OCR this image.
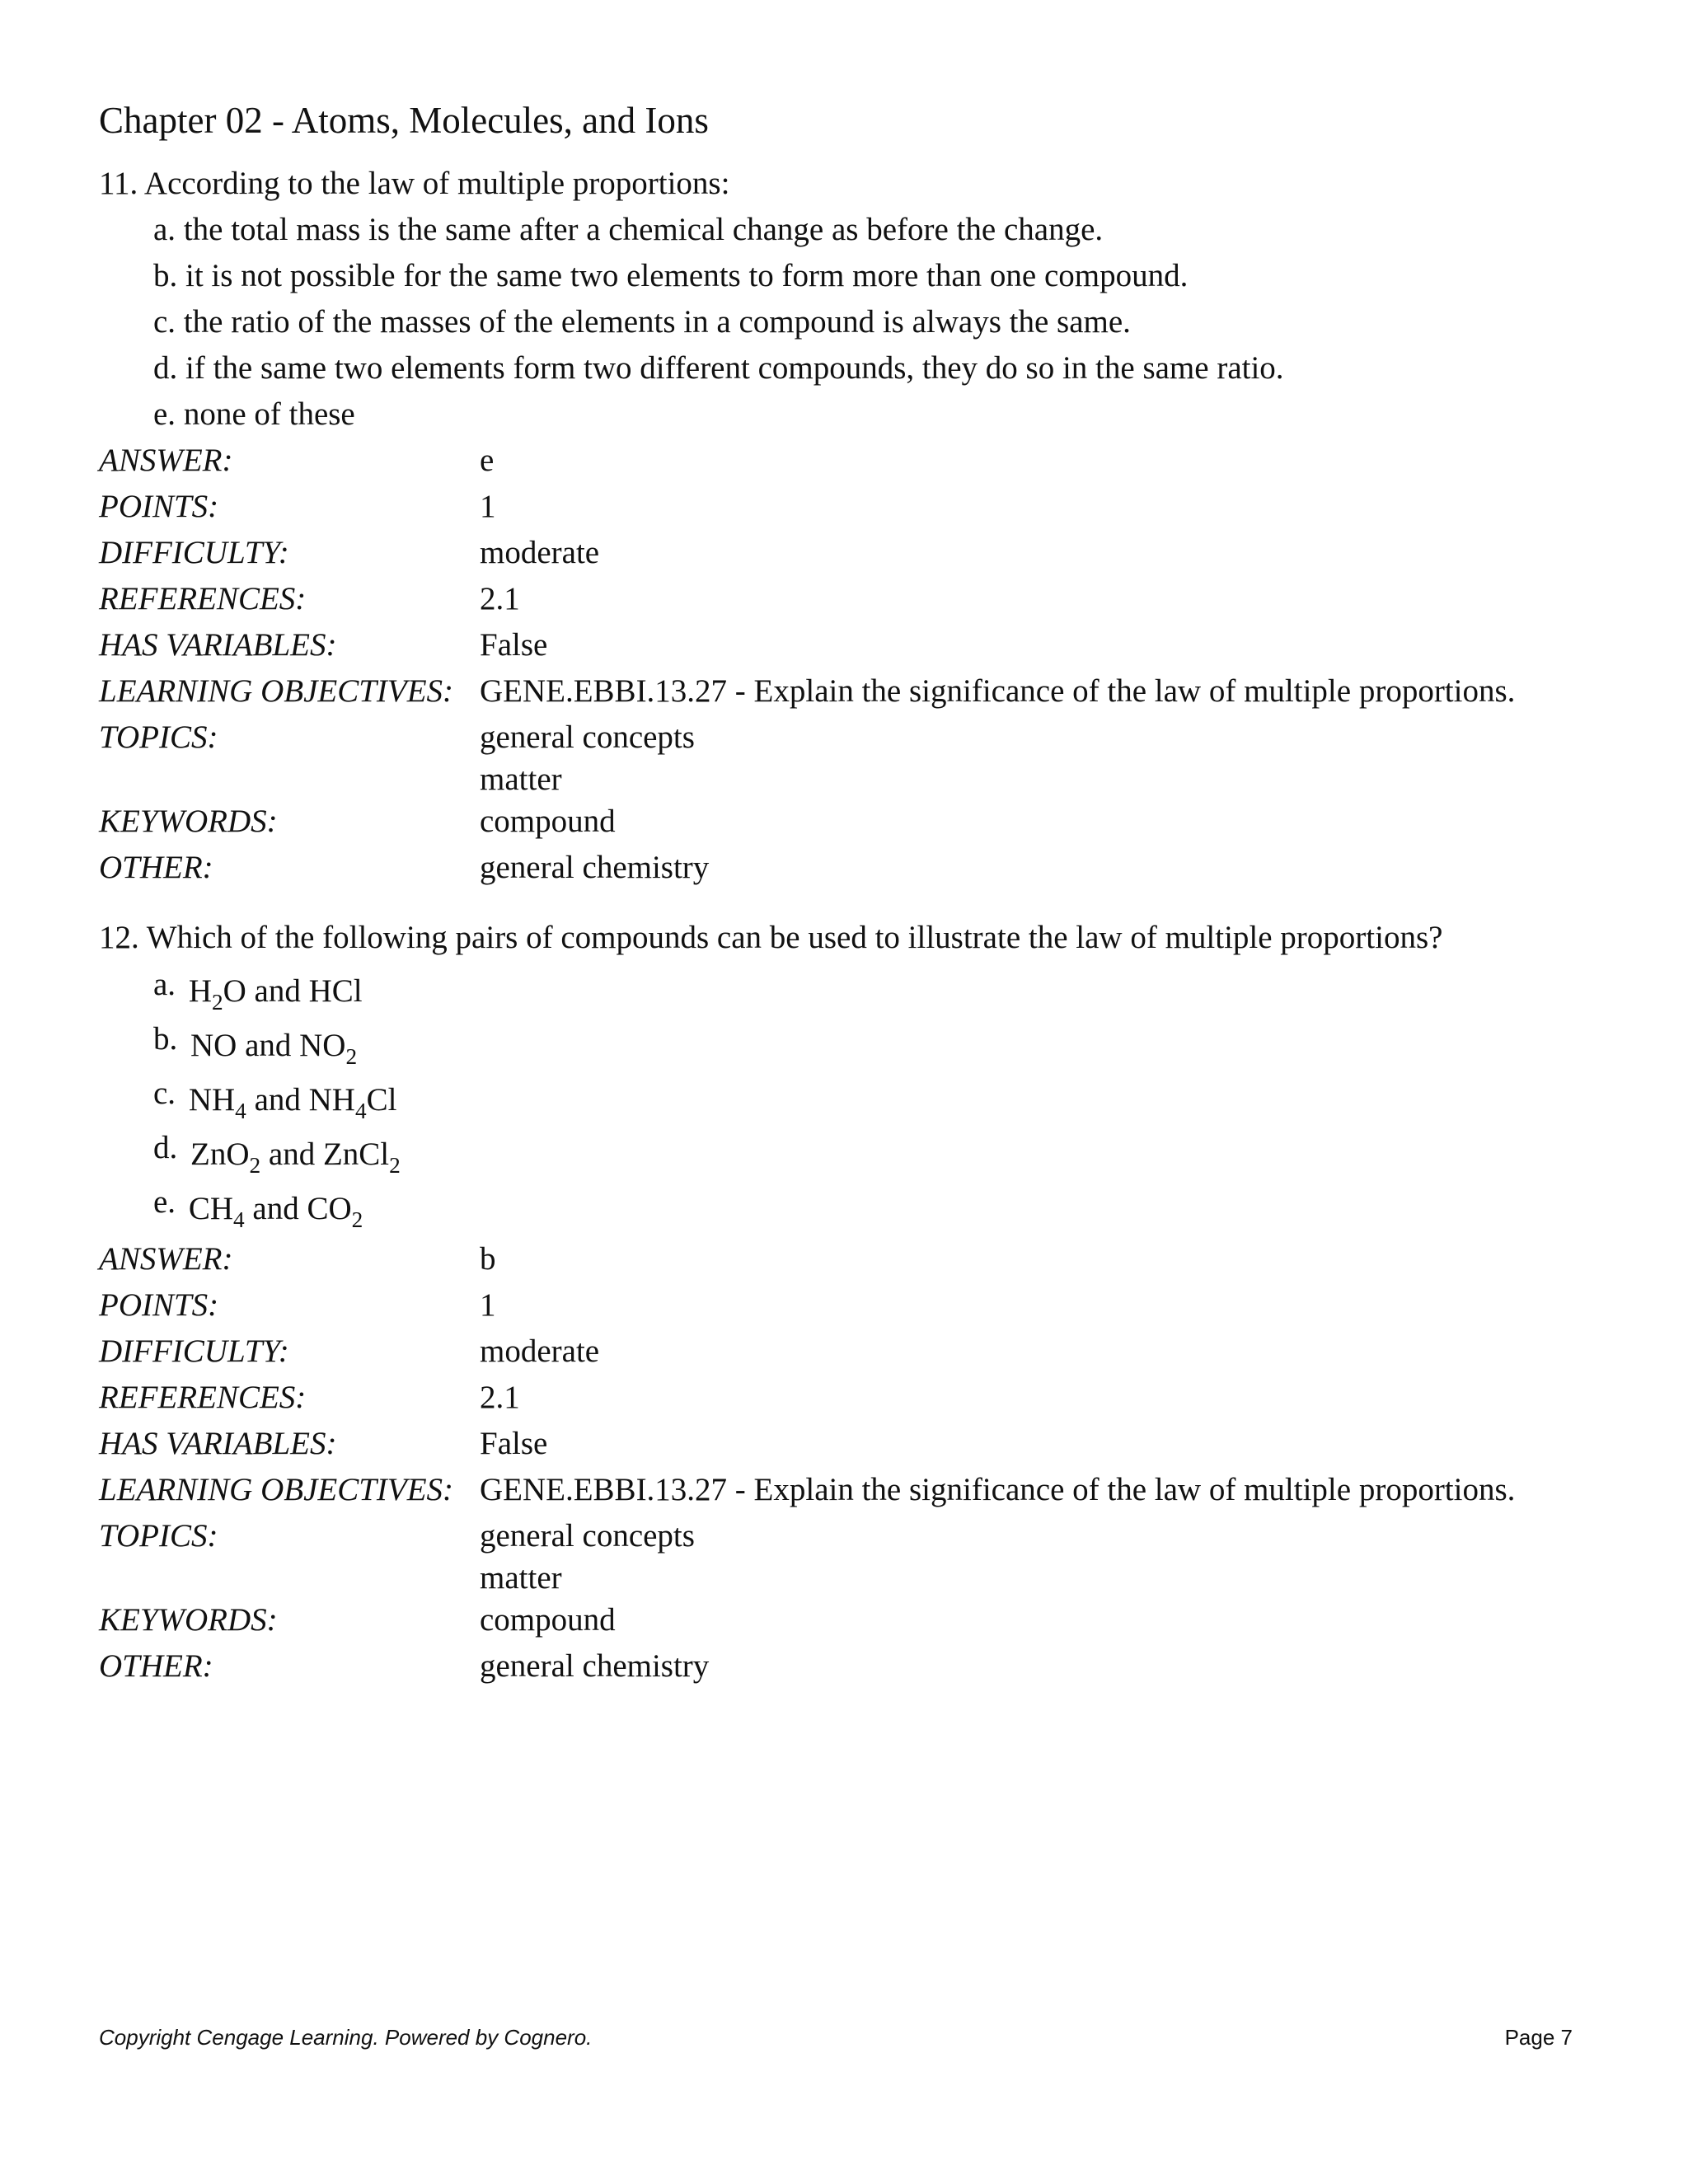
Chapter 02 - Atoms, Molecules, and Ions
11. According to the law of multiple proportions:
a. the total mass is the same after a chemical change as before the change.
b. it is not possible for the same two elements to form more than one compound.
c. the ratio of the masses of the elements in a compound is always the same.
d. if the same two elements form two different compounds, they do so in the same ratio.
e. none of these
ANSWER:	e
POINTS:	1
DIFFICULTY:	moderate
REFERENCES:	2.1
HAS VARIABLES:	False
LEARNING OBJECTIVES: GENE.EBBI.13.27 - Explain the significance of the law of multiple proportions.
TOPICS:	general concepts
matter
KEYWORDS:	compound
OTHER:	general chemistry
12. Which of the following pairs of compounds can be used to illustrate the law of multiple proportions?
a. $H_2O$ and HCl
b. NO and $NO_2$
c. $NH_4$ and $NH_4Cl$
d. ZnO$_2$ and ZnCl$_2$
e. $CH_4$ and $CO_2$
ANSWER:	b
POINTS:	1
DIFFICULTY:	moderate
REFERENCES:	2.1
HAS VARIABLES:	False
LEARNING OBJECTIVES: GENE.EBBI.13.27 - Explain the significance of the law of multiple proportions.
TOPICS:	general concepts
matter
KEYWORDS:	compound
OTHER:	general chemistry
Copyright Cengage Learning. Powered by Cognero.	Page 7
